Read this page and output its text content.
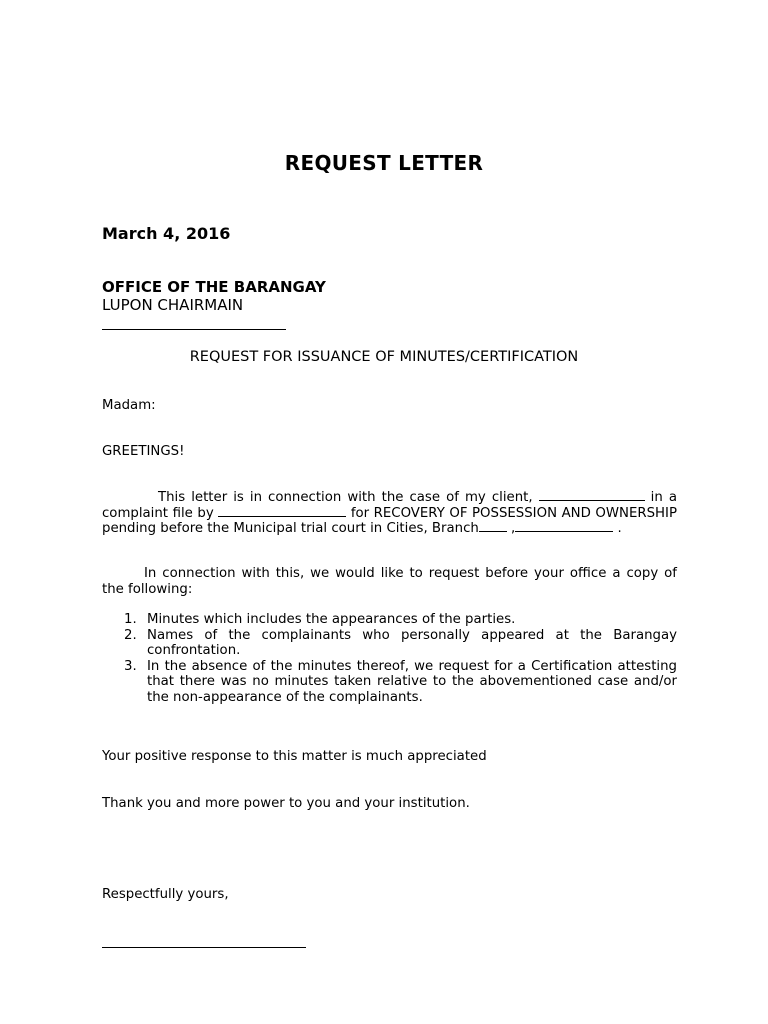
REQUEST LETTER
March 4, 2016
OFFICE OF THE BARANGAY
LUPON CHAIRMAIN
REQUEST FOR ISSUANCE OF MINUTES/CERTIFICATION
Madam:
GREETINGS!
This letter is in connection with the case of my client,	in a complaint file by	for RECOVERY OF POSSESSION AND OWNERSHIP pending before the Municipal trial court in Cities, Branch ,	.
In connection with this, we would like to request before your office a copy of the following:
1. Minutes which includes the appearances of the parties.
2. Names of the complainants who personally appeared at the Barangay confrontation.
3. In the absence of the minutes thereof, we request for a Certification attesting that there was no minutes taken relative to the abovementioned case and/or the non-appearance of the complainants.
Your positive response to this matter is much appreciated
Thank you and more power to you and your institution.
Respectfully yours,
